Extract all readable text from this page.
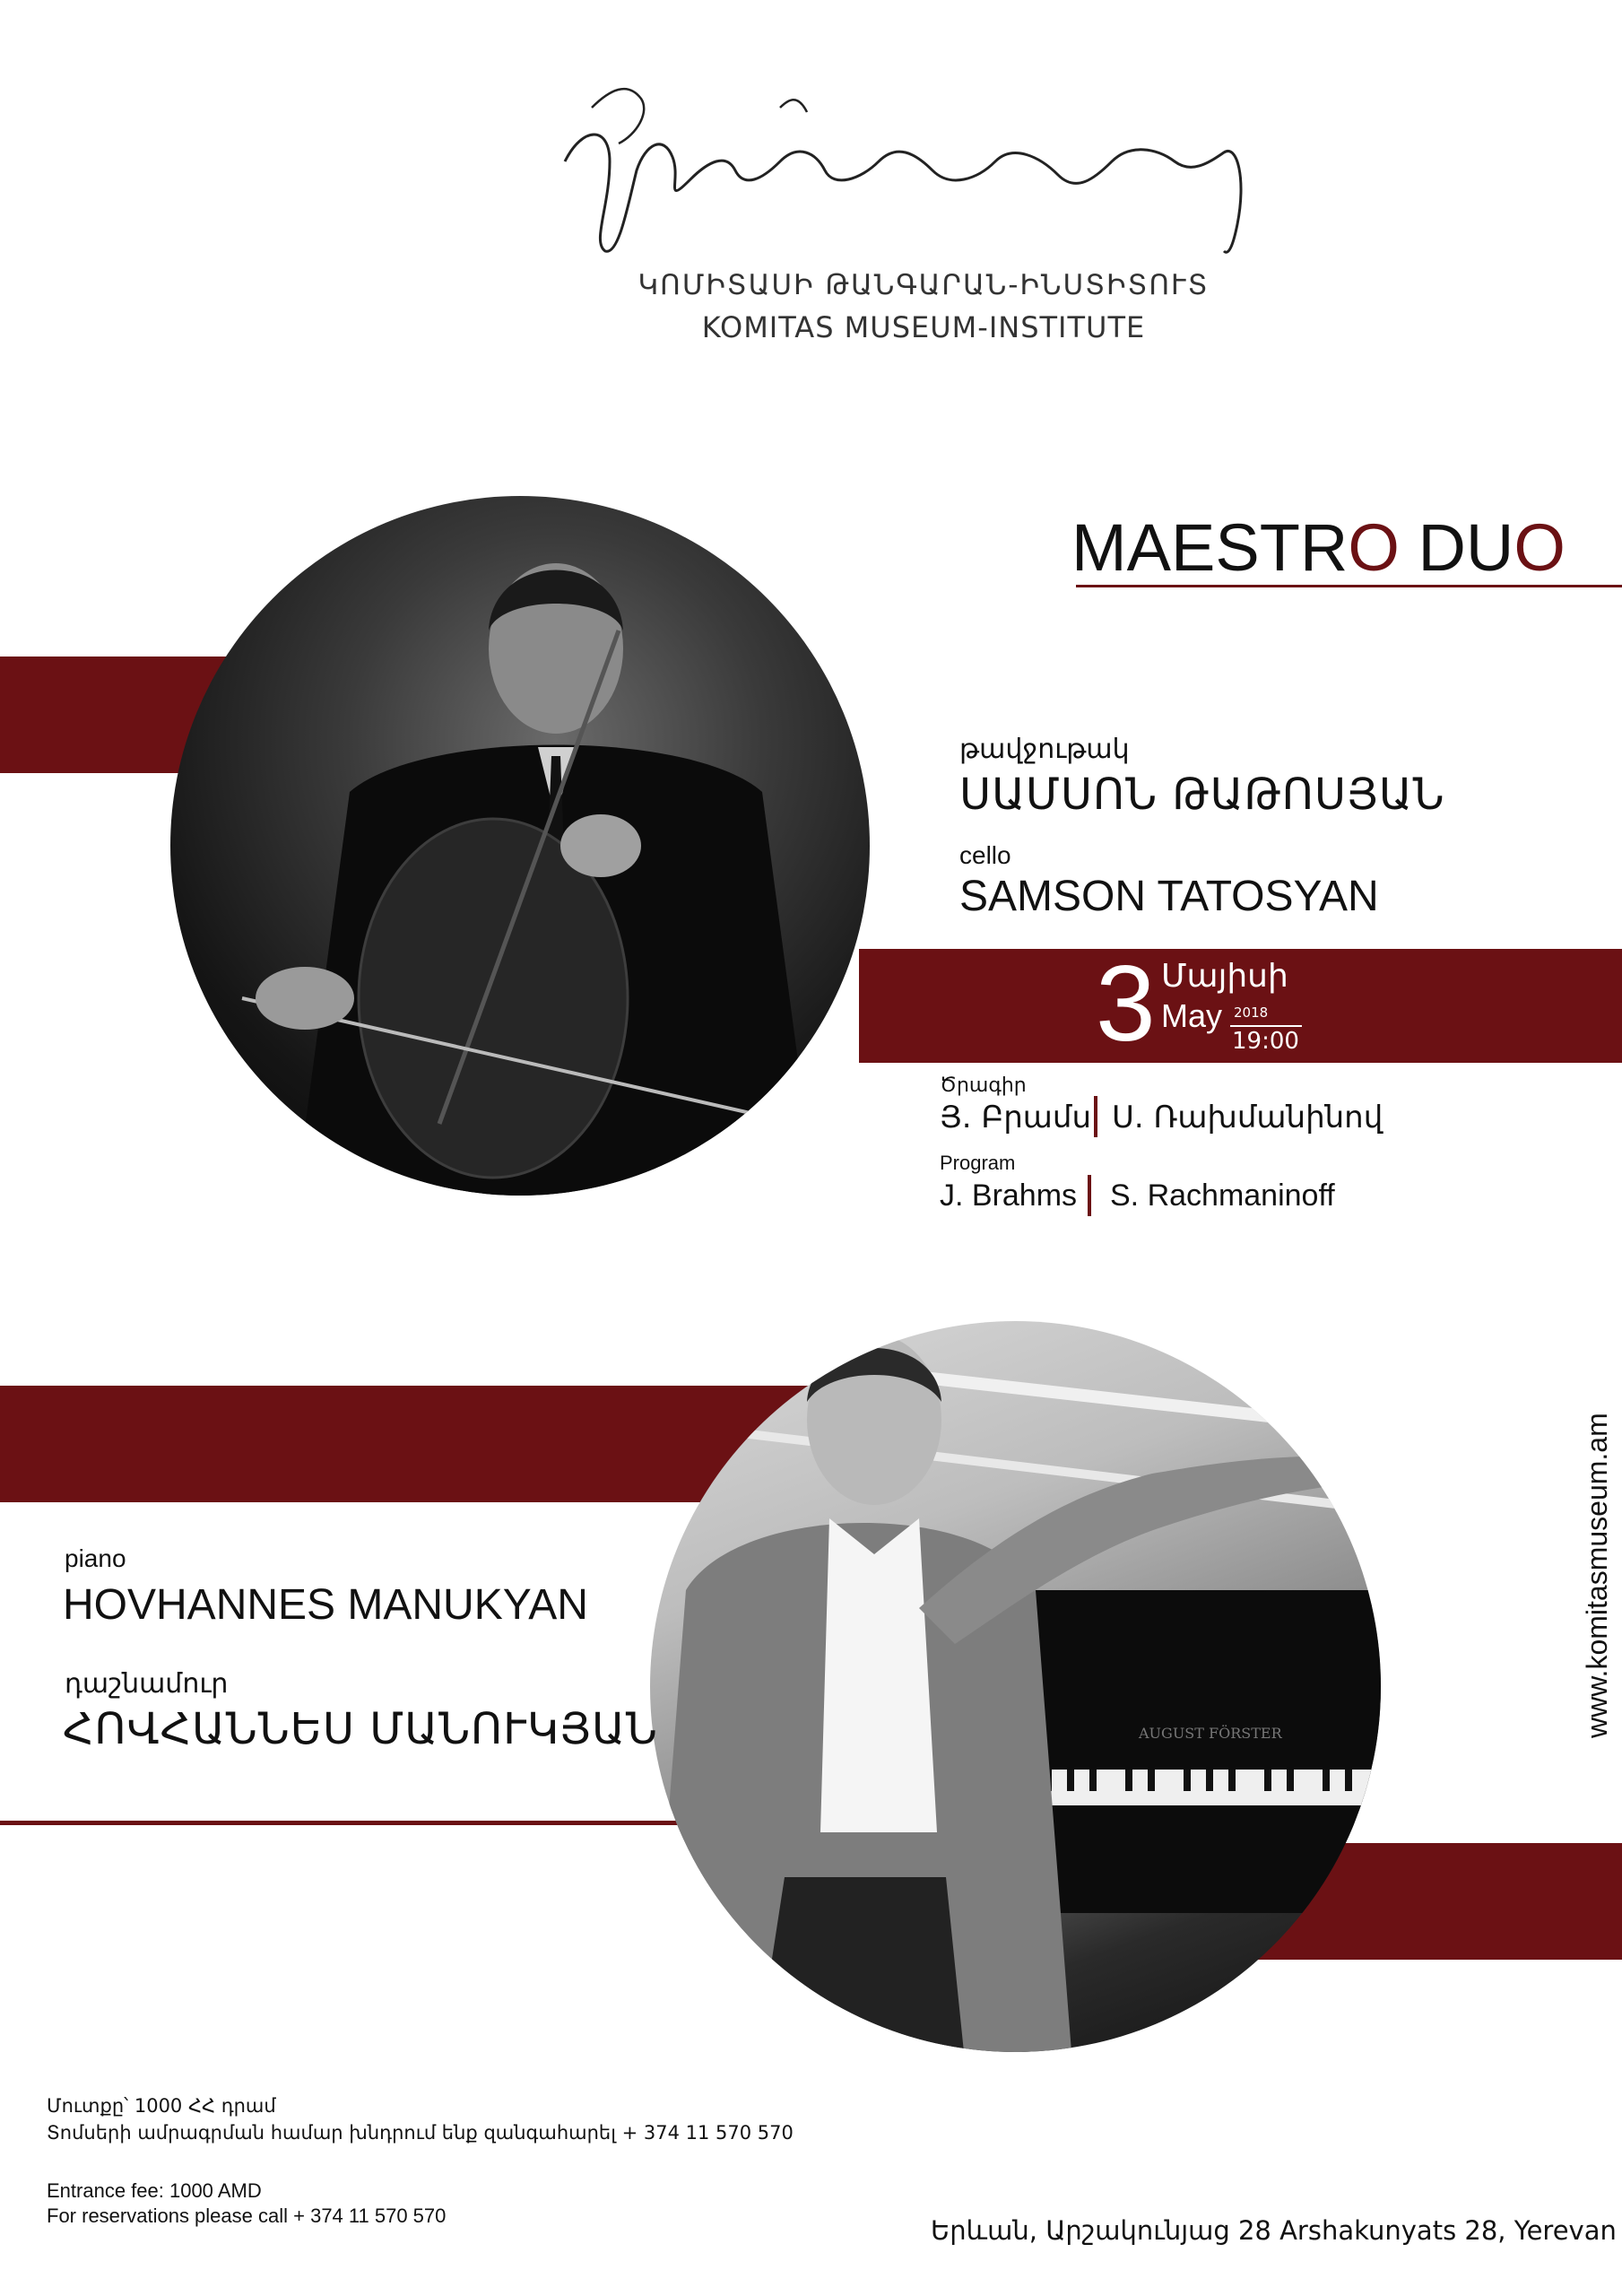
ԿՈՄԻՏԱՍԻ ԹԱՆԳԱՐԱՆ-ԻՆՍՏԻՏՈՒՏ
KOMITAS MUSEUM-INSTITUTE
MAESTRO DUO
թավջութակ
ՍԱՄՍՈՆ ԹԱԹՈՍՅԱՆ
cello
SAMSON TATOSYAN
3 Մայիսի
May 2018
19:00
Ծրագիր
Յ. Բրամս Ս. Ռախմանինով
Program
J. Brahms S. Rachmaninoff
AUGUST FÖRSTER
piano
HOVHANNES MANUKYAN
դաշնամուր
ՀՈՎՀԱՆՆԵՍ ՄԱՆՈՒԿՅԱՆ	www.komitasmuseum.am
Մուտքը՝ 1000 ՀՀ դրամ
Տոմսերի ամրագրման համար խնդրում ենք զանգահարել + 374 11 570 570
Entrance fee: 1000 AMD
For reservations please call + 374 11 570 570	Երևան, Արշակունյաց 28 Arshakunyats 28, Yerevan
